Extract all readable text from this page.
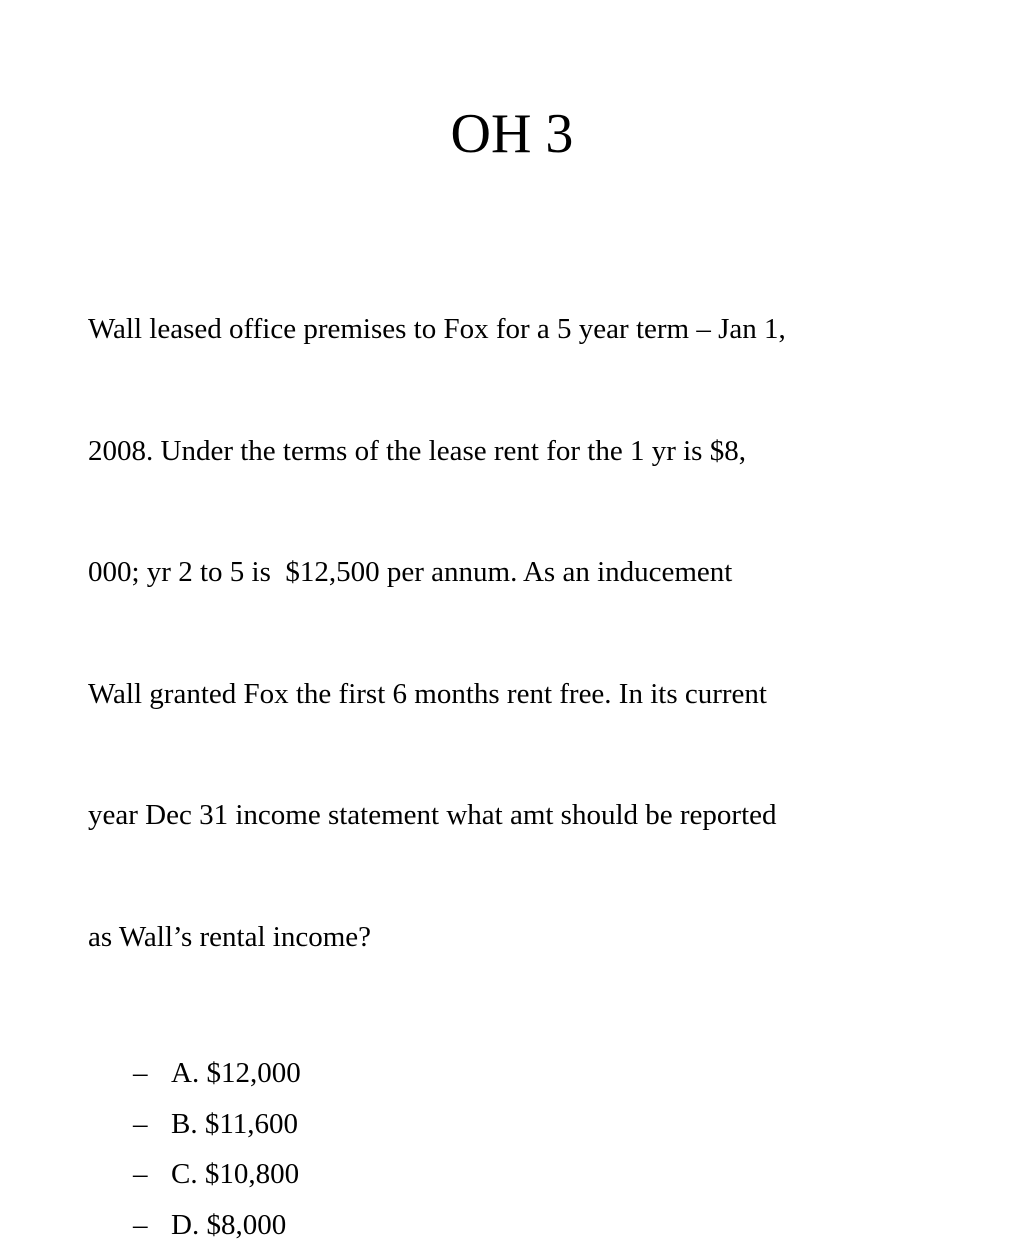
OH 3

Wall leased office premises to Fox for a 5 year term – Jan 1,

2008. Under the terms of the lease rent for the 1 yr is $8,

000; yr 2 to 5 is  $12,500 per annum. As an inducement

Wall granted Fox the first 6 months rent free. In its current

year Dec 31 income statement what amt should be reported

as Wall’s rental income?

– A. $12,000
– B. $11,600
– C. $10,800
– D. $8,000
